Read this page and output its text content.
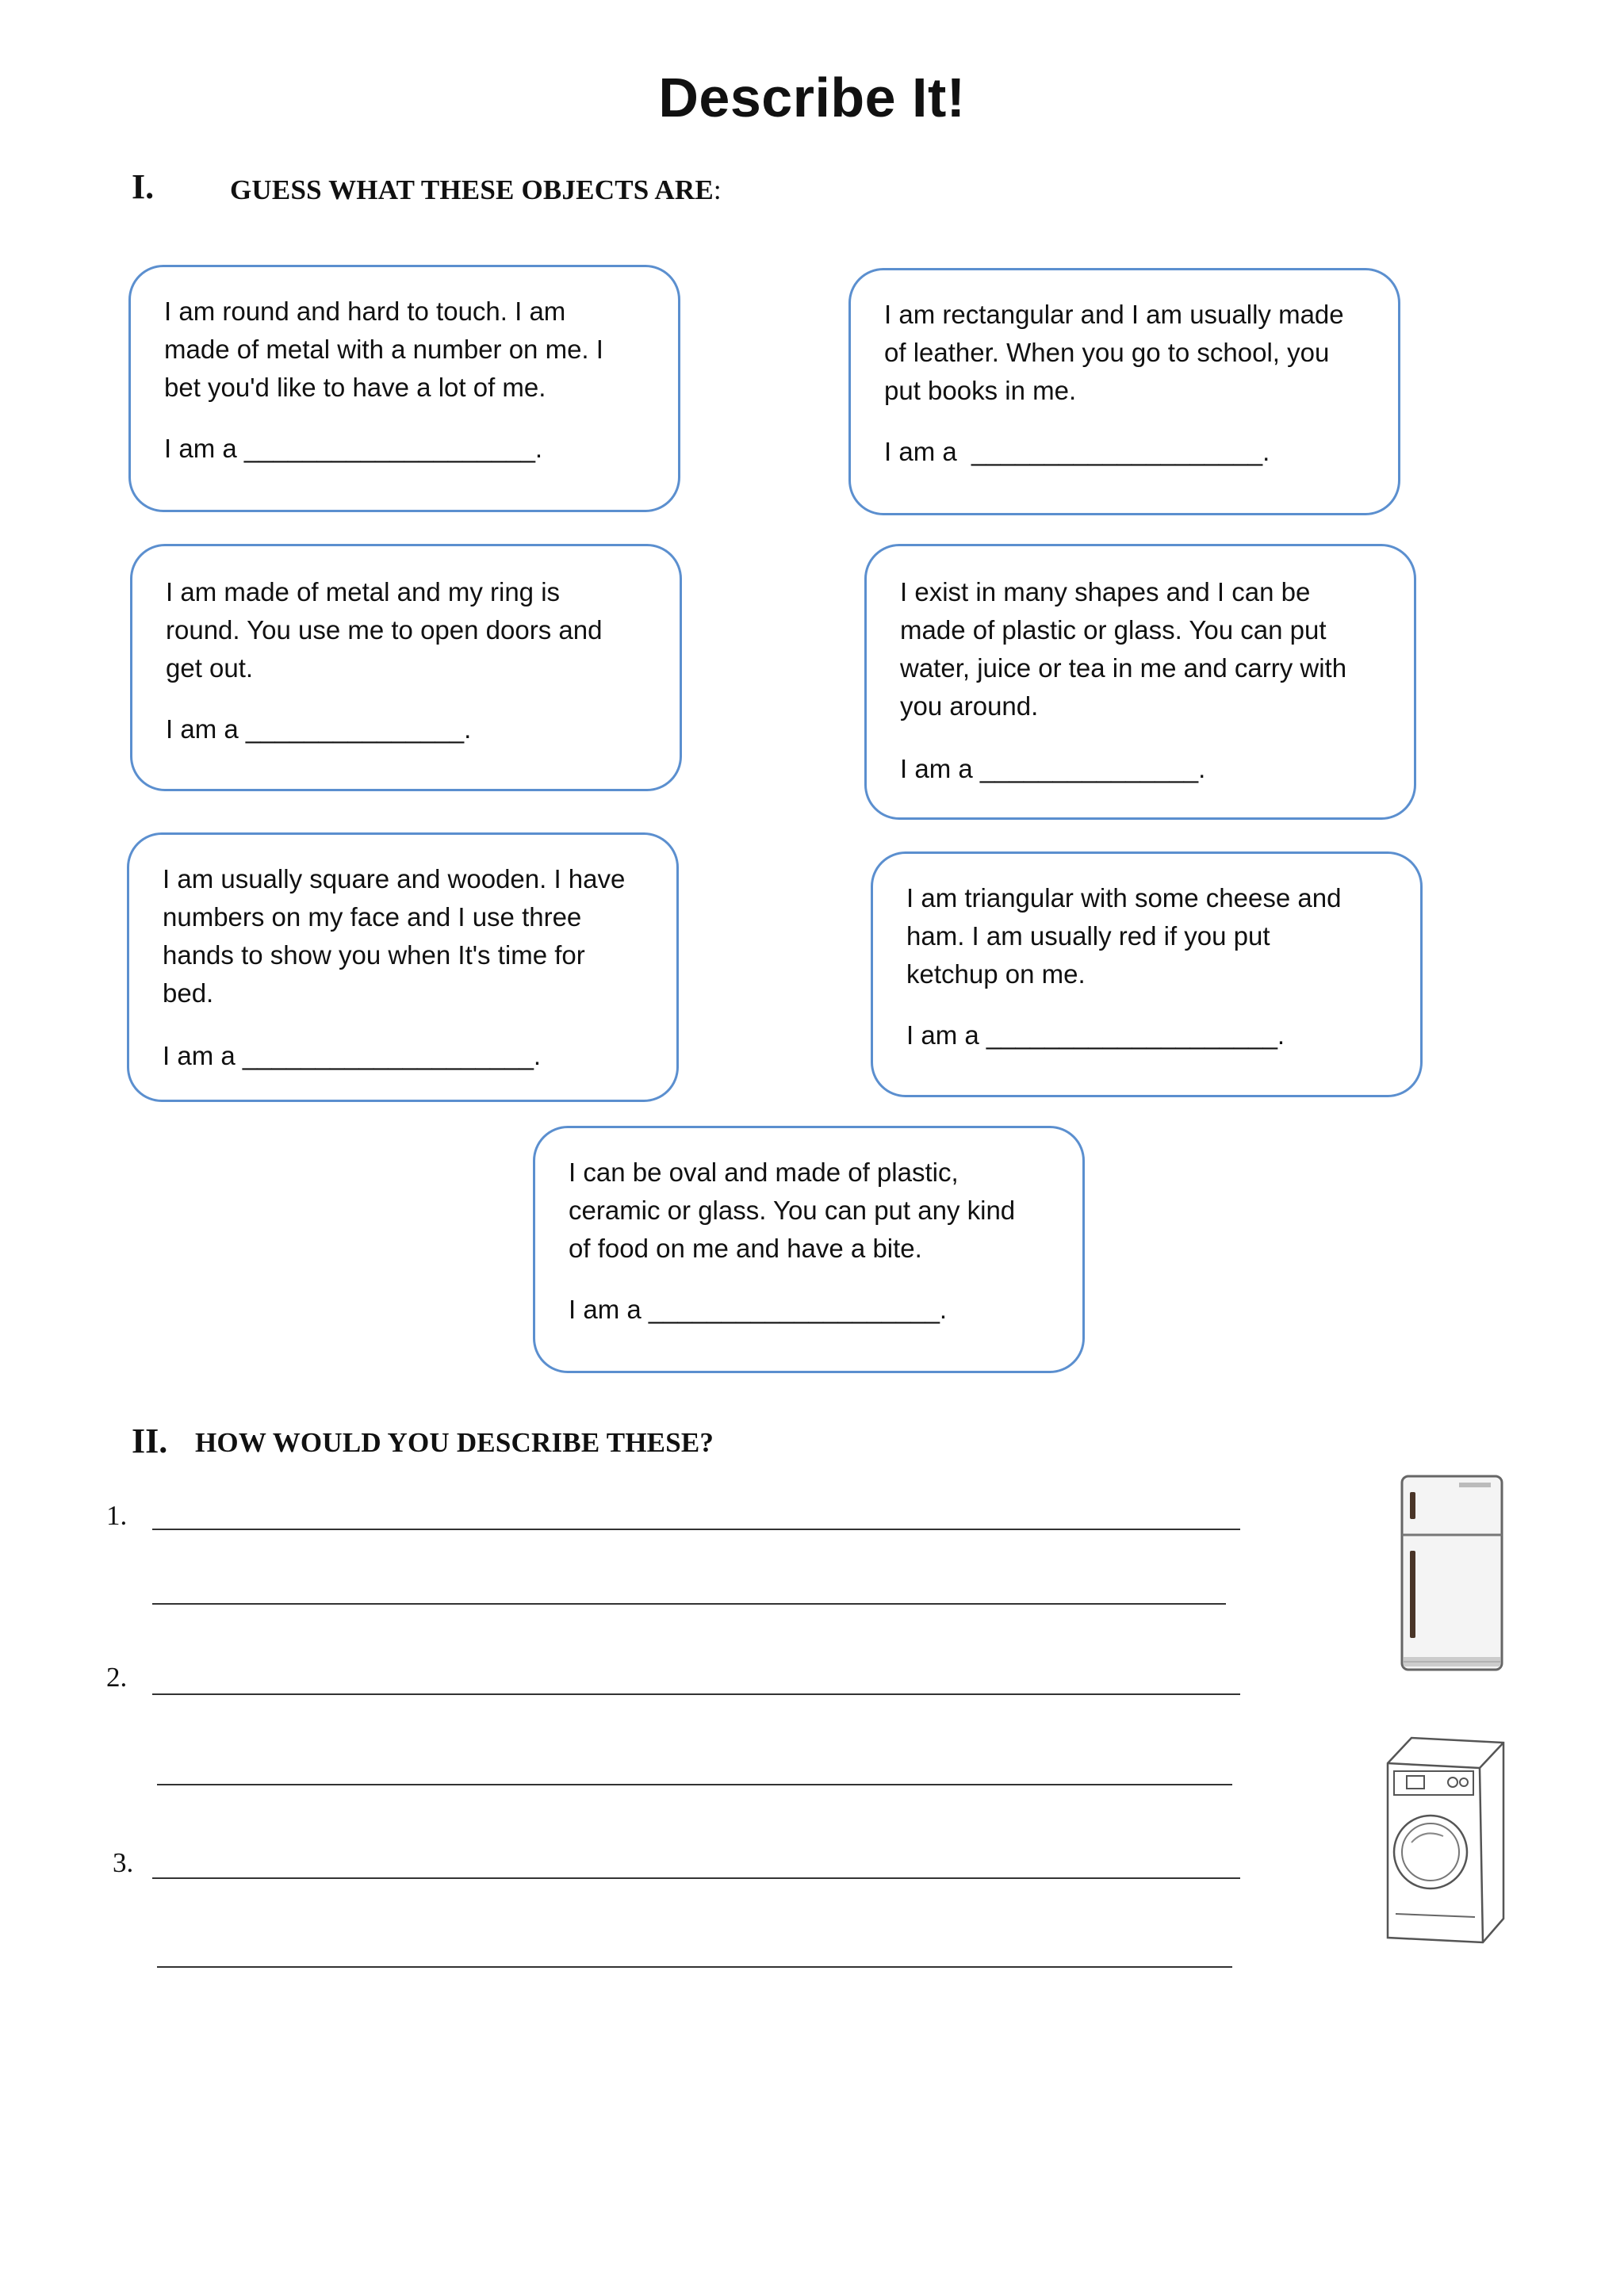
Describe It!
I.	GUESS WHAT THESE OBJECTS ARE:
I am round and hard to touch. I am
made of metal with a number on me. I
bet you'd like to have a lot of me.
I am a ____________________.
I am rectangular and I am usually made
of leather. When you go to school, you
put books in me.
I am a  ____________________.
I am made of metal and my ring is
round. You use me to open doors and
get out.
I am a _______________.
I exist in many shapes and I can be
made of plastic or glass. You can put
water, juice or tea in me and carry with
you around.
I am a _______________.
I am usually square and wooden. I have
numbers on my face and I use three
hands to show you when It's time for
bed.
I am a ____________________.
I am triangular with some cheese and
ham. I am usually red if you put
ketchup on me.
I am a ____________________.
I can be oval and made of plastic,
ceramic or glass. You can put any kind
of food on me and have a bite.
I am a ____________________.
II. HOW WOULD YOU DESCRIBE THESE?
1.
2.
3.
